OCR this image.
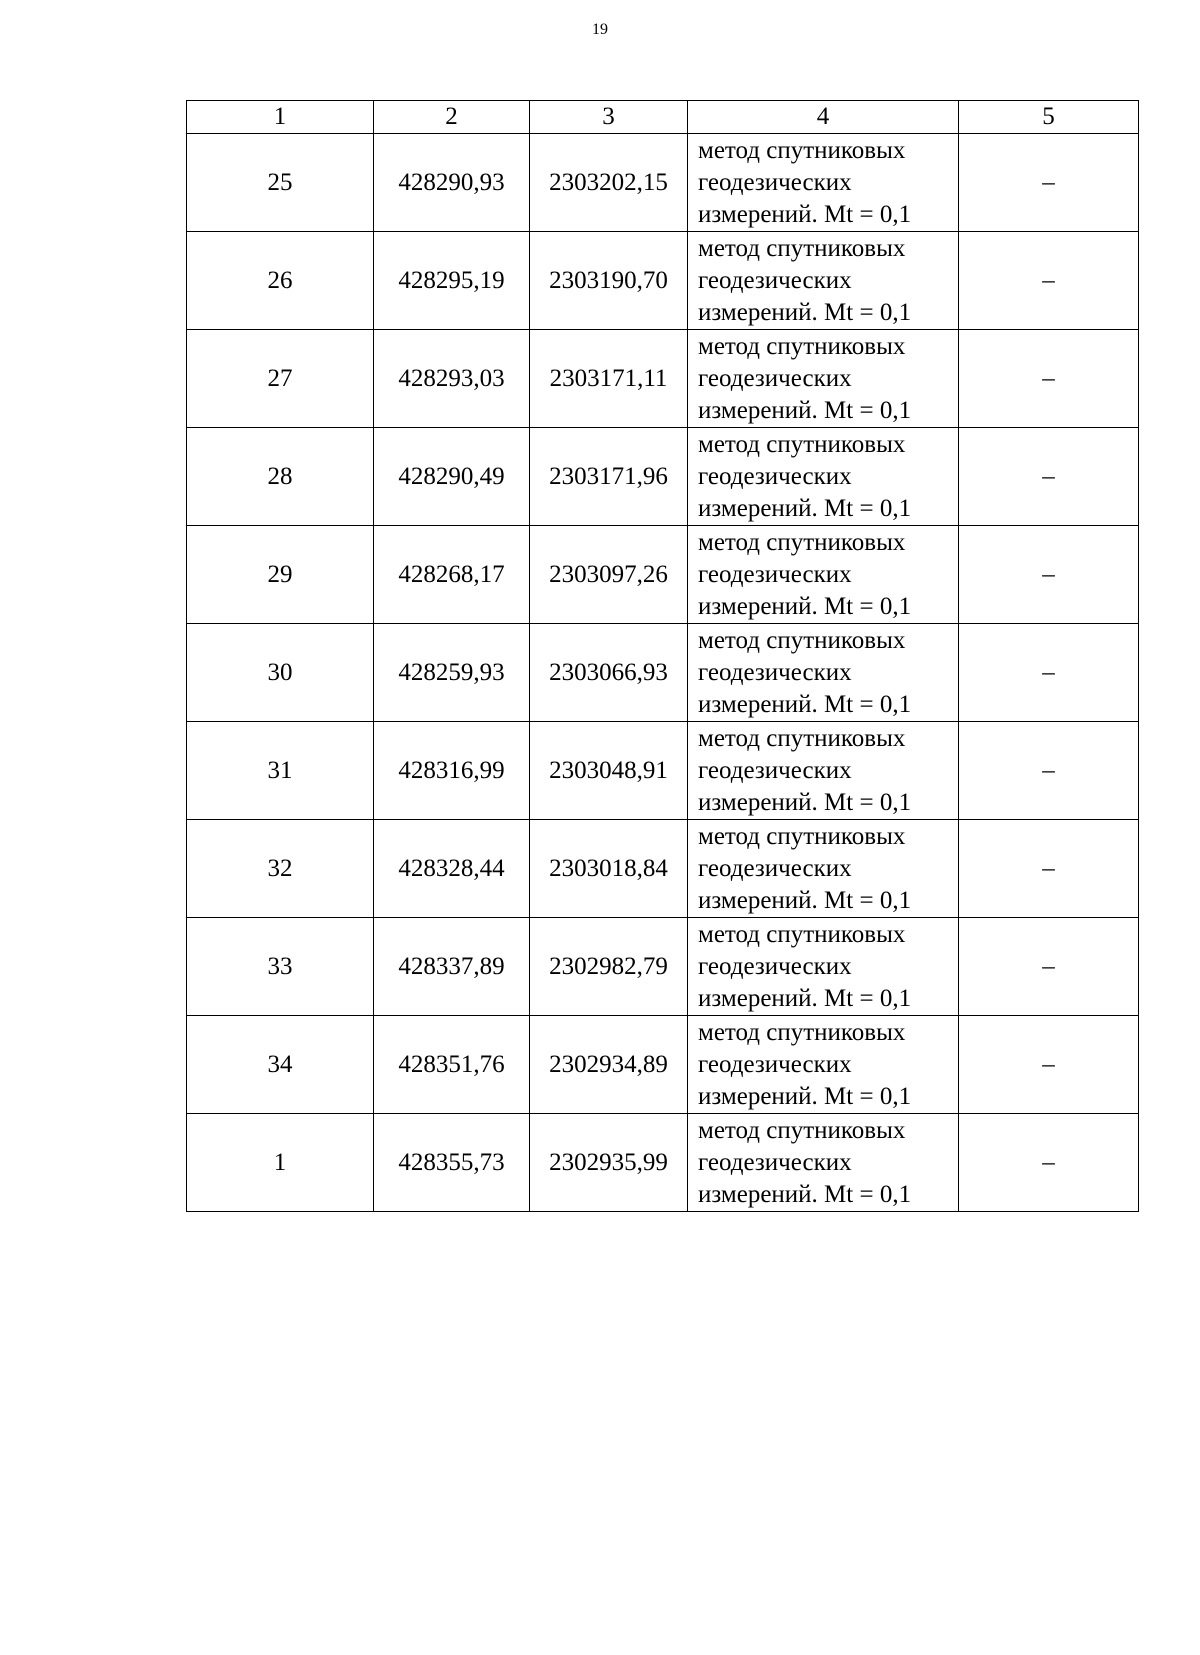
19
1	2	3	4	5
25	428290,93	2303202,15	метод спутниковых
геодезических
измерений. Mt = 0,1	–
26	428295,19	2303190,70	метод спутниковых
геодезических
измерений. Mt = 0,1	–
27	428293,03	2303171,11	метод спутниковых
геодезических
измерений. Mt = 0,1	–
28	428290,49	2303171,96	метод спутниковых
геодезических
измерений. Mt = 0,1	–
29	428268,17	2303097,26	метод спутниковых
геодезических
измерений. Mt = 0,1	–
30	428259,93	2303066,93	метод спутниковых
геодезических
измерений. Mt = 0,1	–
31	428316,99	2303048,91	метод спутниковых
геодезических
измерений. Mt = 0,1	–
32	428328,44	2303018,84	метод спутниковых
геодезических
измерений. Mt = 0,1	–
33	428337,89	2302982,79	метод спутниковых
геодезических
измерений. Mt = 0,1	–
34	428351,76	2302934,89	метод спутниковых
геодезических
измерений. Mt = 0,1	–
1	428355,73	2302935,99	метод спутниковых
геодезических
измерений. Mt = 0,1	–
